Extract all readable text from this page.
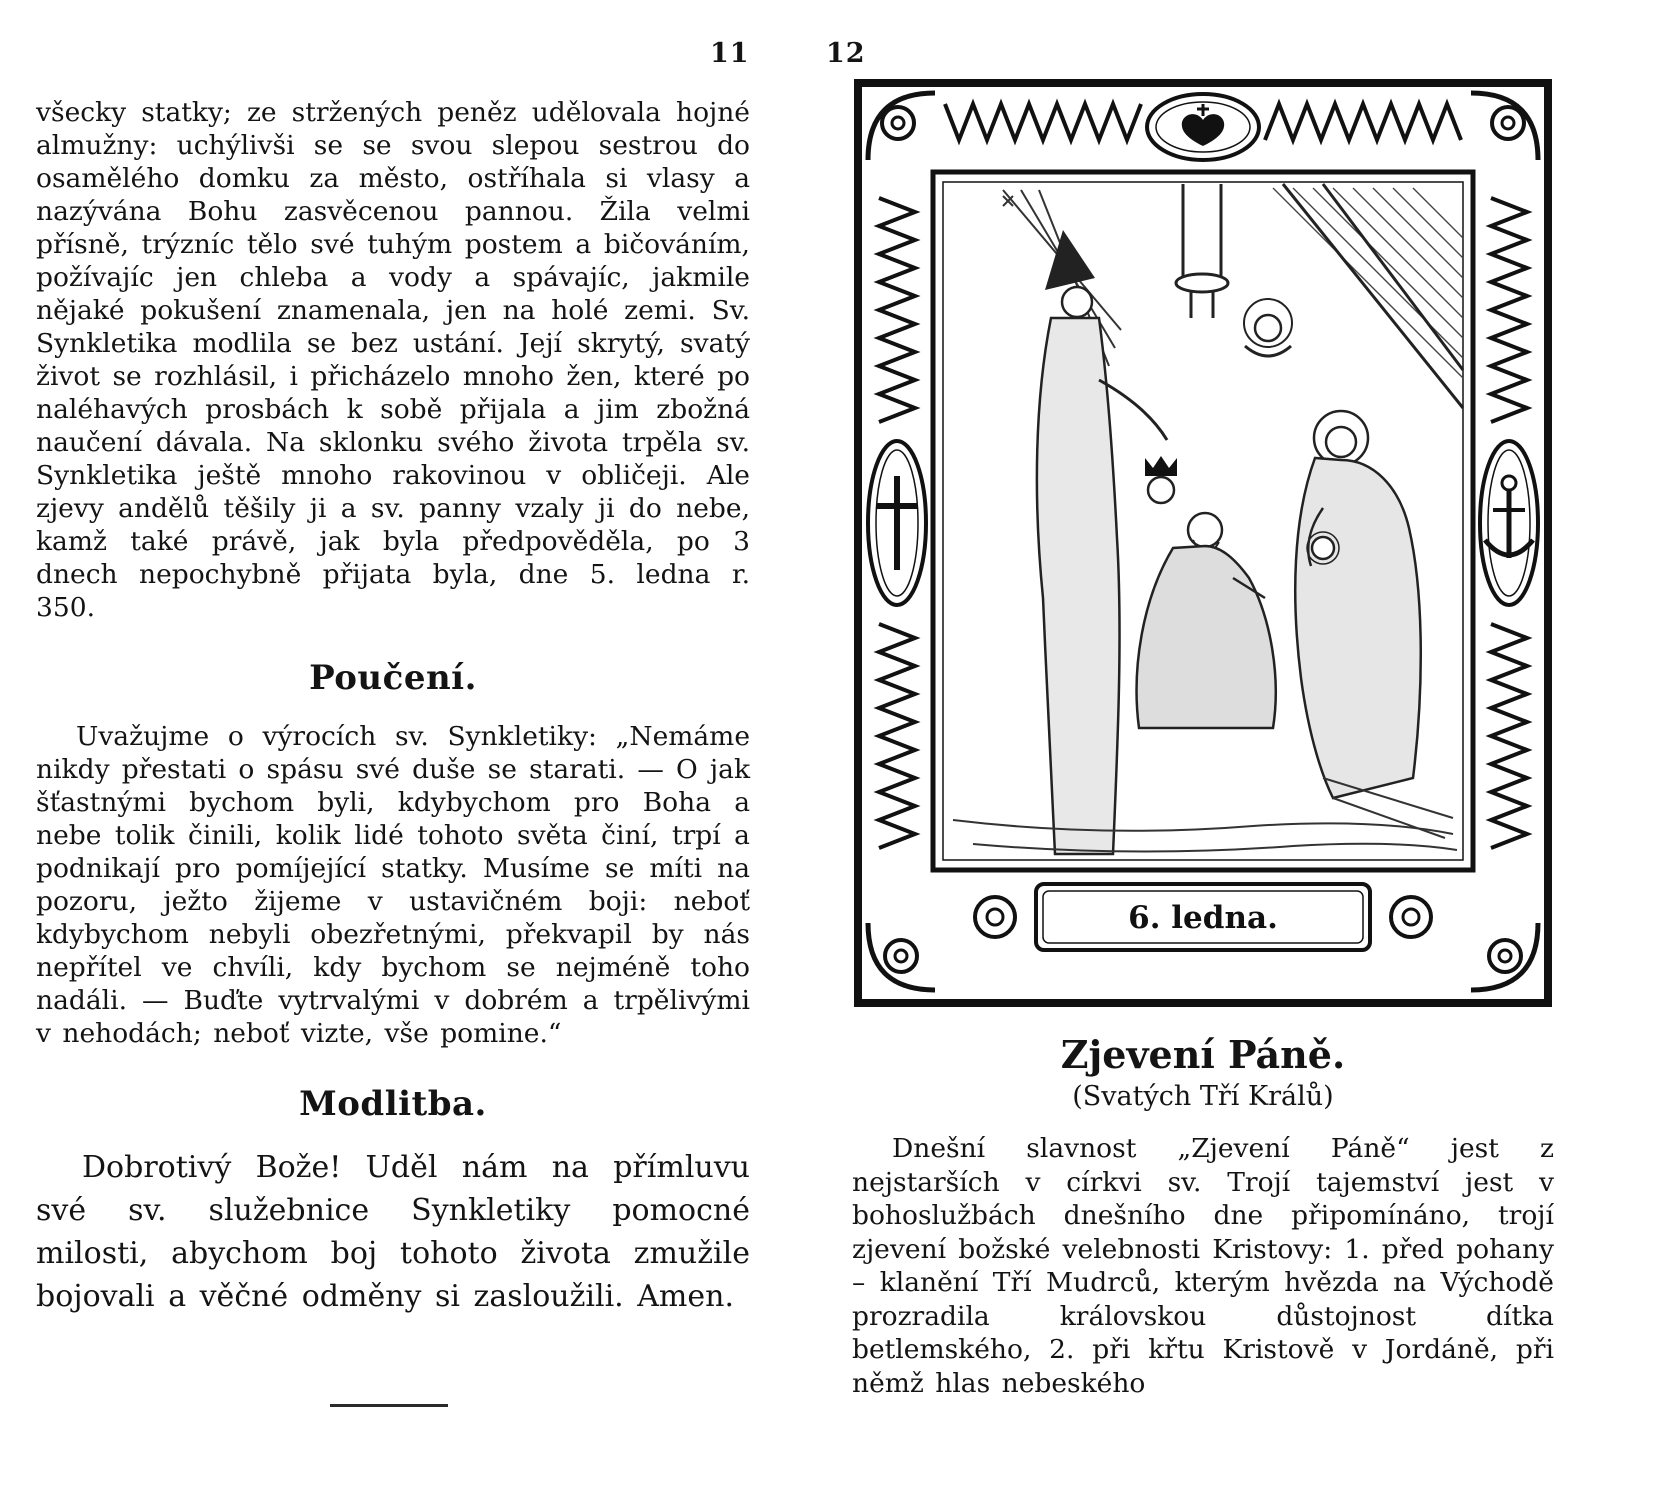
11	12

všecky statky; ze stržených peněz udělovala hojné almužny: uchýlivši se se svou slepou sestrou do osamělého domku za město, ostříhala si vlasy a nazývána Bohu zasvěcenou pannou. Žila velmi přísně, trýzníc tělo své tuhým postem a bičováním, požívajíc jen chleba a vody a spávajíc, jakmile nějaké pokušení znamenala, jen na holé zemi. Sv. Synkletika modlila se bez ustání. Její skrytý, svatý život se rozhlásil, i přicházelo mnoho žen, které po naléhavých prosbách k sobě přijala a jim zbožná naučení dávala. Na sklonku svého života trpěla sv. Synkletika ještě mnoho rakovinou v obličeji. Ale zjevy andělů těšily ji a sv. panny vzaly ji do nebe, kamž také právě, jak byla předpověděla, po 3 dnech nepochybně přijata byla, dne 5. ledna r. 350.

Poučení.

Uvažujme o výrocích sv. Synkletiky: „Nemáme nikdy přestati o spásu své duše se starati. — O jak šťastnými bychom byli, kdybychom pro Boha a nebe tolik činili, kolik lidé tohoto světa činí, trpí a podnikají pro pomíjející statky. Musíme se míti na pozoru, ježto žijeme v ustavičném boji: neboť kdybychom nebyli obezřetnými, překvapil by nás nepřítel ve chvíli, kdy bychom se nejméně toho nadáli. — Buďte vytrvalými v dobrém a trpělivými v nehodách; neboť vizte, vše pomine.“

Modlitba.

Dobrotivý Bože! Uděl nám na přímluvu své sv. služebnice Synkletiky pomocné milosti, abychom boj tohoto života zmužile bojovali a věčné odměny si zasloužili. Amen.

6. ledna.
Zjevení Páně.
(Svatých Tří Králů)

Dnešní slavnost „Zjevení Páně“ jest z nejstarších v církvi sv. Trojí tajemství jest v bohoslužbách dnešního dne připomínáno, trojí zjevení božské velebnosti Kristovy: 1. před pohany – klanění Tří Mudrců, kterým hvězda na Východě prozradila královskou důstojnost dítka betlemského, 2. při křtu Kristově v Jordáně, při němž hlas nebeského
